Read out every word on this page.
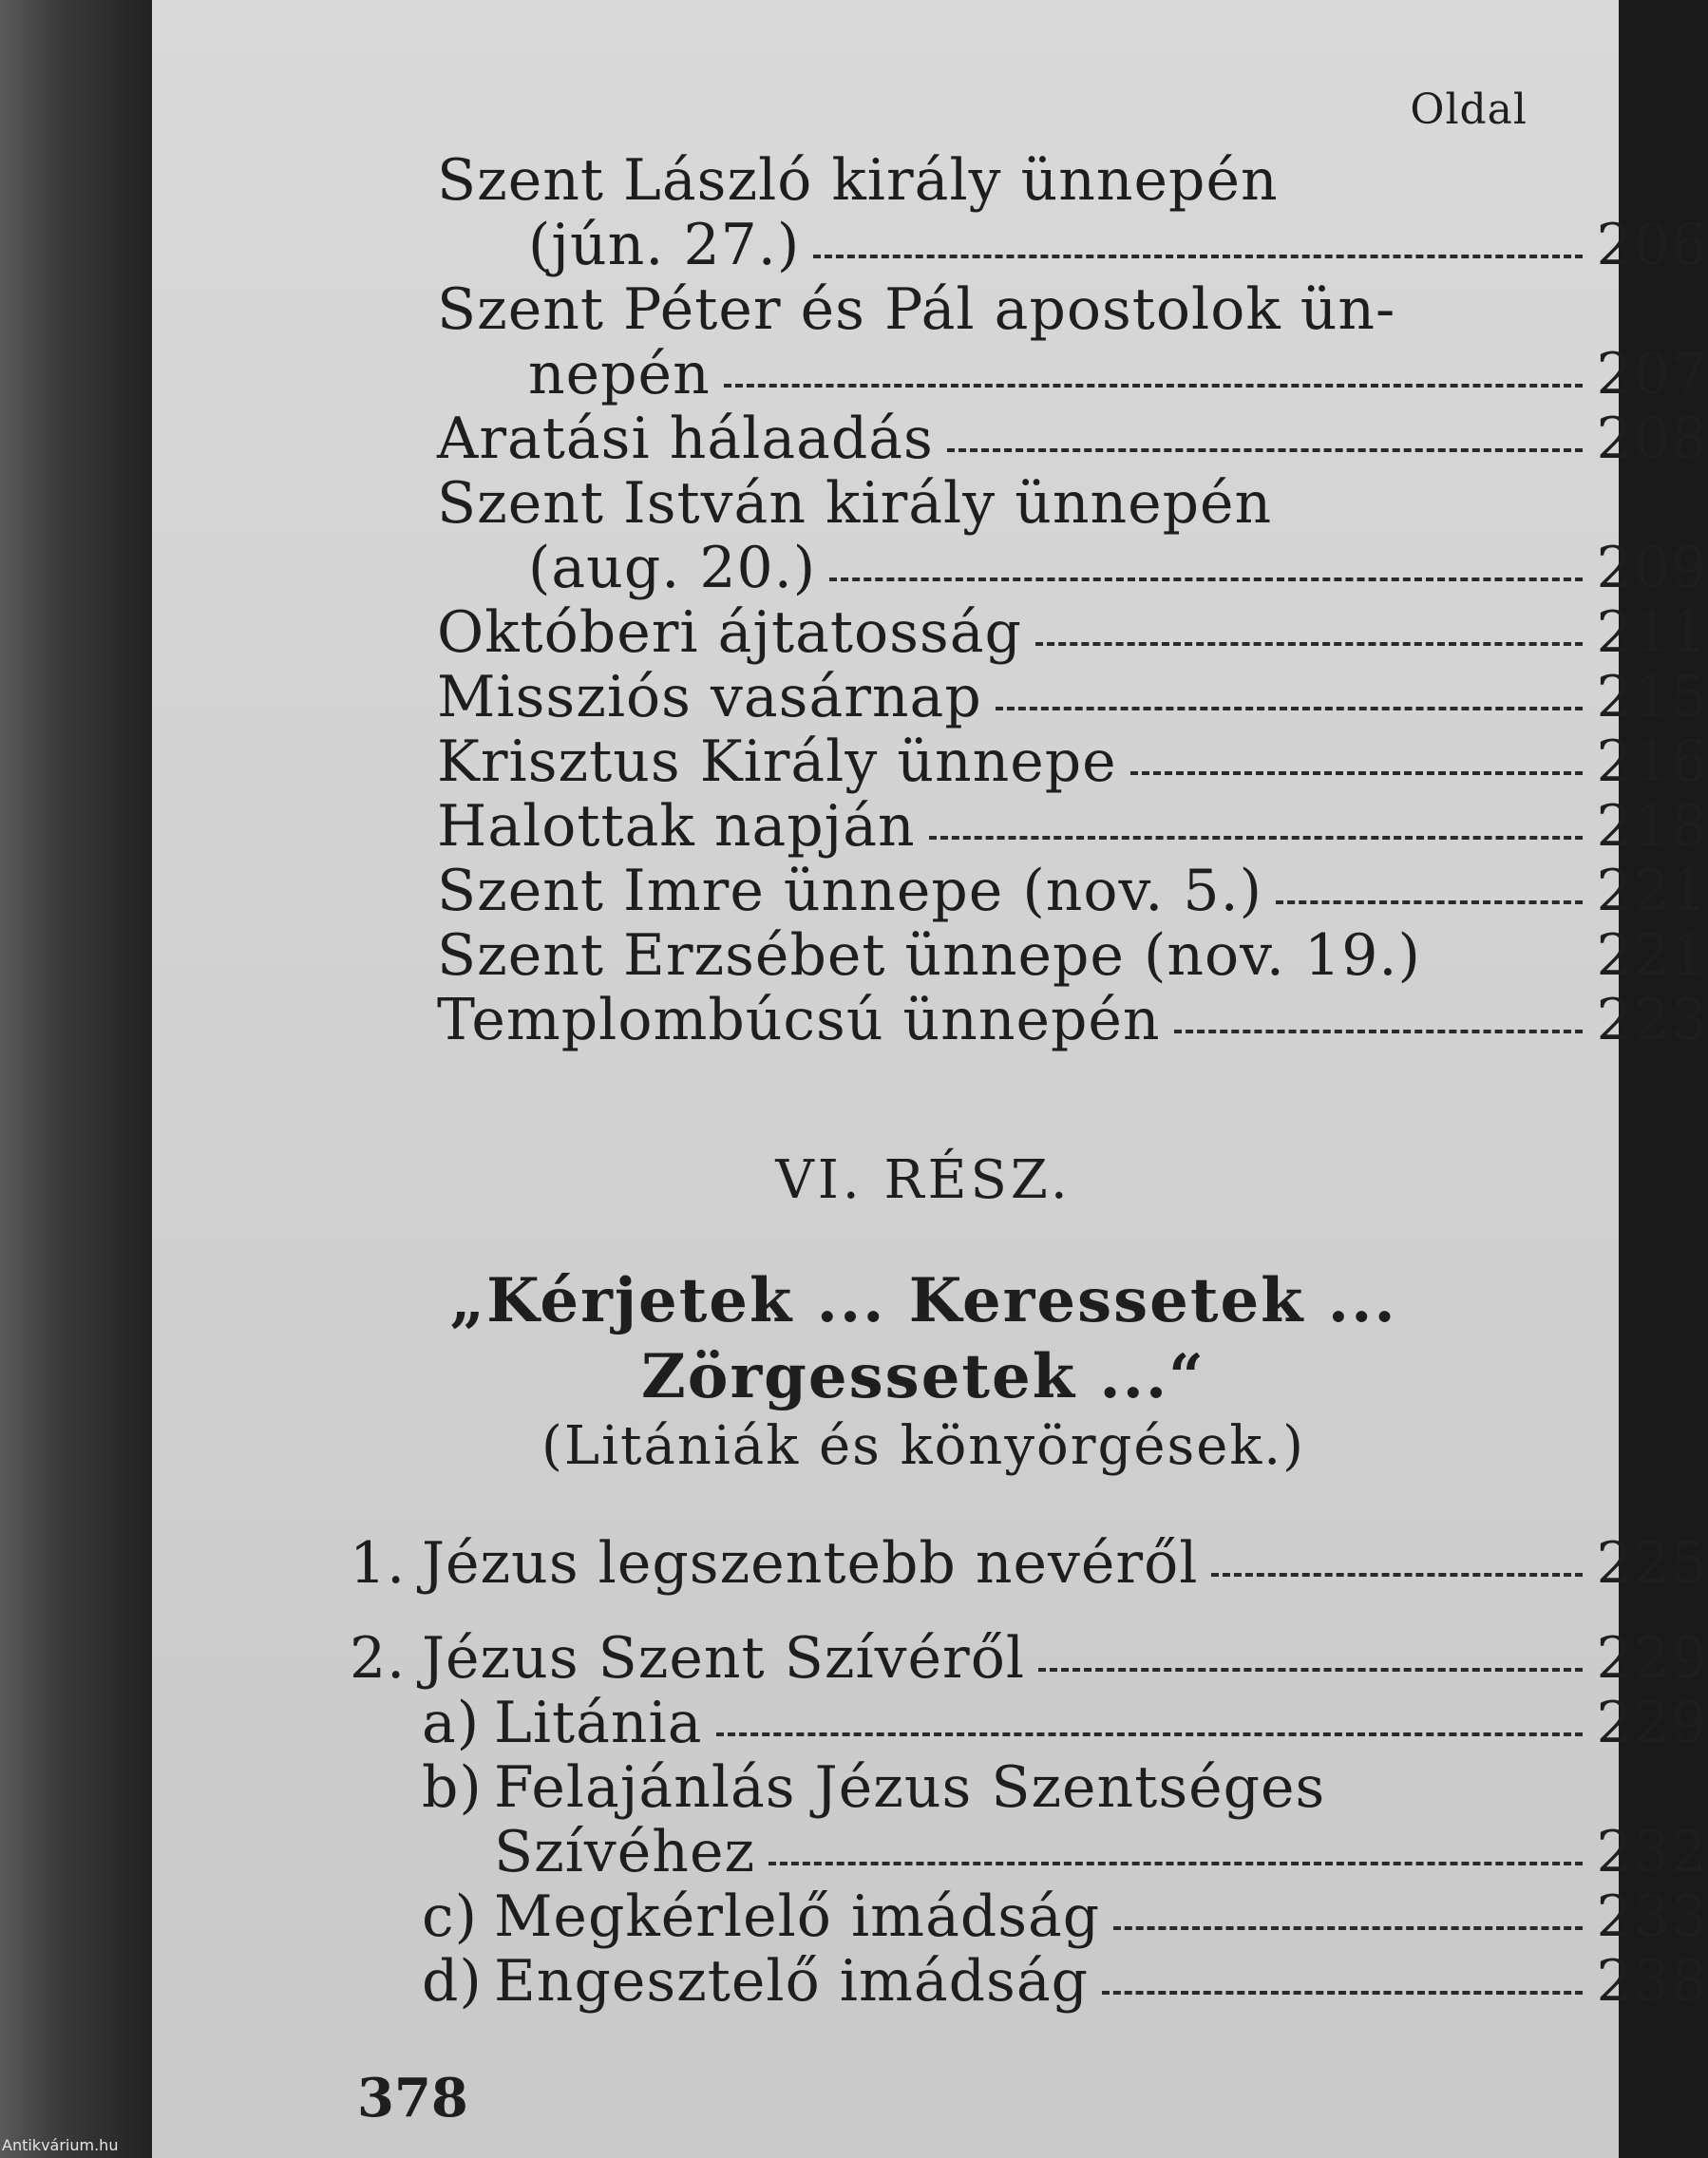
Oldal
Szent László király ünnepén
(jún. 27.)	206
Szent Péter és Pál apostolok ün-
nepén	207
Aratási hálaadás	208
Szent István király ünnepén
(aug. 20.)	209
Októberi ájtatosság	211
Missziós vasárnap	215
Krisztus Király ünnepe	216
Halottak napján	218
Szent Imre ünnepe (nov. 5.)	221
Szent Erzsébet ünnepe (nov. 19.)	221
Templombúcsú ünnepén	223
VI. RÉSZ.
„Kérjetek ... Keressetek ...
Zörgessetek ...“
(Litániák és könyörgések.)
1. Jézus legszentebb nevéről	225
2. Jézus Szent Szívéről	229
a) Litánia	229
b) Felajánlás Jézus Szentséges
Szívéhez	232
c) Megkérlelő imádság	233
d) Engesztelő imádság	238
378
Antikvárium.hu
